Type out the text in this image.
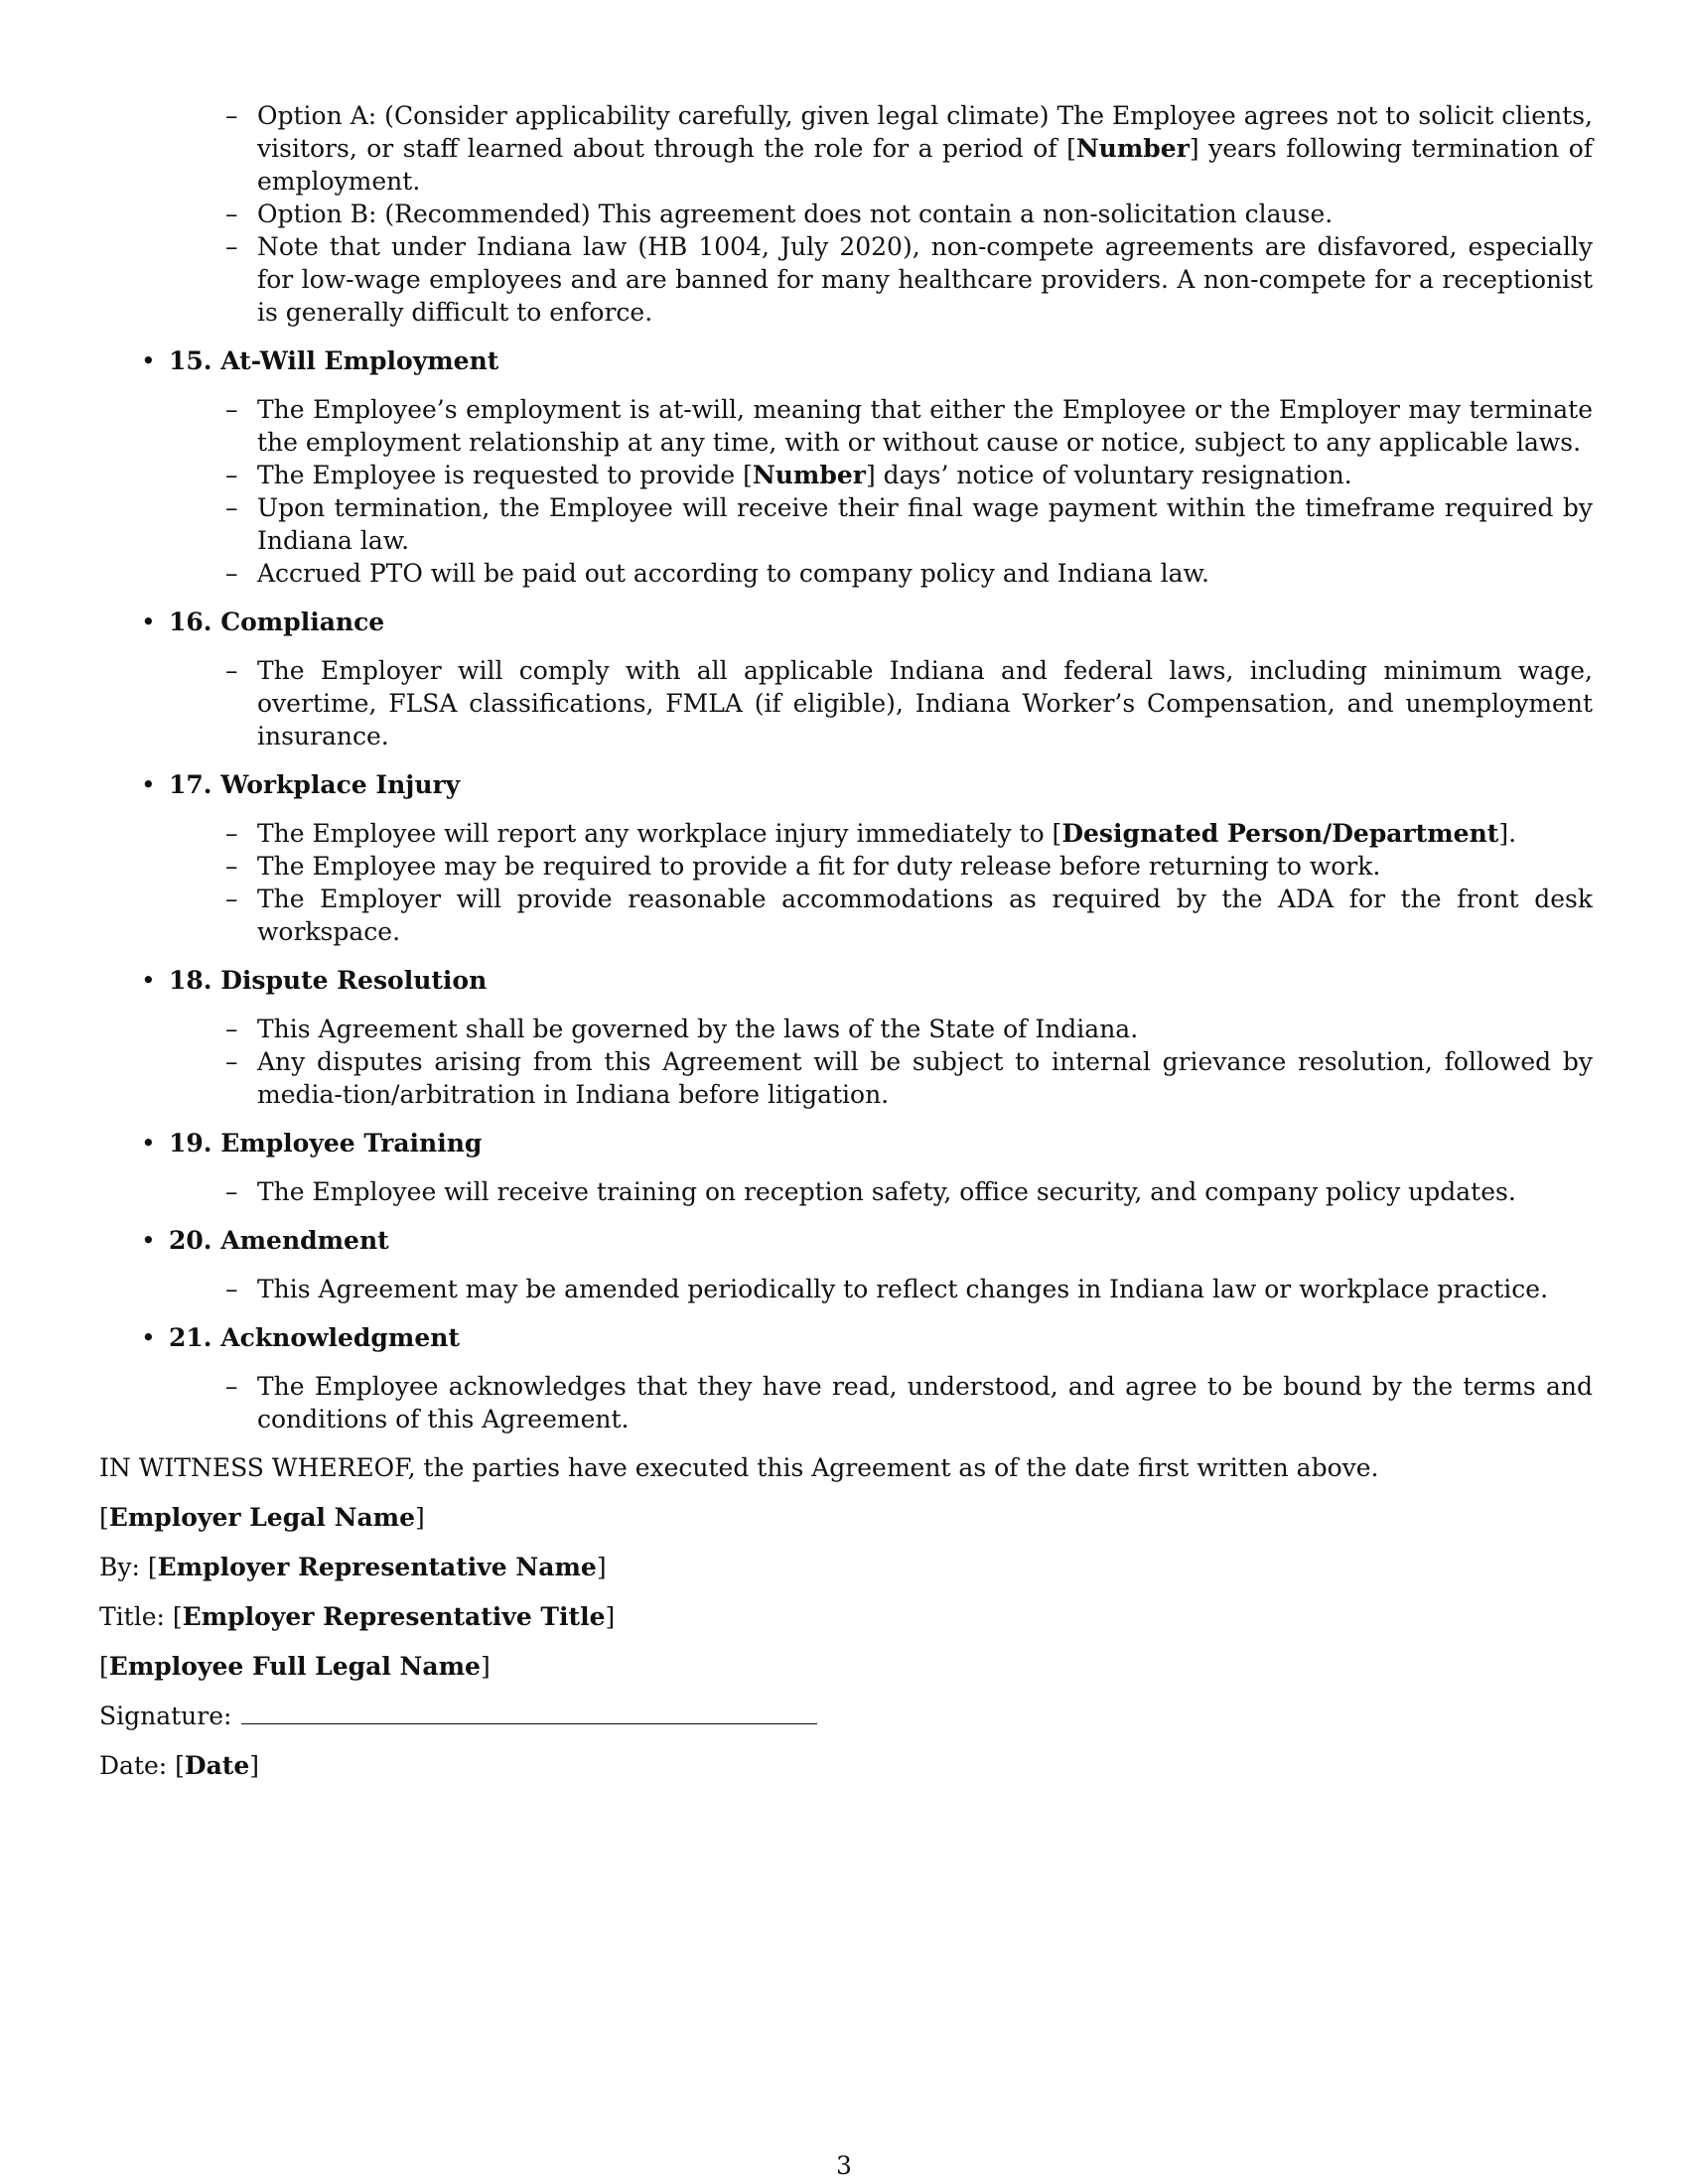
– Option A: (Consider applicability carefully, given legal climate) The Employee agrees not to solicit clients, visitors, or staff learned about through the role for a period of [Number] years following termination of employment.
– Option B: (Recommended) This agreement does not contain a non-solicitation clause.
– Note that under Indiana law (HB 1004, July 2020), non-compete agreements are disfavored, especially for low-wage employees and are banned for many healthcare providers. A non-compete for a receptionist is generally difficult to enforce.
• 15. At-Will Employment
– The Employee’s employment is at-will, meaning that either the Employee or the Employer may terminate the employment relationship at any time, with or without cause or notice, subject to any applicable laws.
– The Employee is requested to provide [Number] days’ notice of voluntary resignation.
– Upon termination, the Employee will receive their final wage payment within the timeframe required by Indiana law.
– Accrued PTO will be paid out according to company policy and Indiana law.
• 16. Compliance
– The Employer will comply with all applicable Indiana and federal laws, including minimum wage, overtime, FLSA classifications, FMLA (if eligible), Indiana Worker’s Compensation, and unemployment insurance.
• 17. Workplace Injury
– The Employee will report any workplace injury immediately to [Designated Person/Department].
– The Employee may be required to provide a fit for duty release before returning to work.
– The Employer will provide reasonable accommodations as required by the ADA for the front desk workspace.
• 18. Dispute Resolution
– This Agreement shall be governed by the laws of the State of Indiana.
– Any disputes arising from this Agreement will be subject to internal grievance resolution, followed by media-tion/arbitration in Indiana before litigation.
• 19. Employee Training
– The Employee will receive training on reception safety, office security, and company policy updates.
• 20. Amendment
– This Agreement may be amended periodically to reflect changes in Indiana law or workplace practice.
• 21. Acknowledgment
– The Employee acknowledges that they have read, understood, and agree to be bound by the terms and conditions of this Agreement.

IN WITNESS WHEREOF, the parties have executed this Agreement as of the date first written above.

[Employer Legal Name]

By: [Employer Representative Name]

Title: [Employer Representative Title]

[Employee Full Legal Name]

Signature:

Date: [Date]

3
